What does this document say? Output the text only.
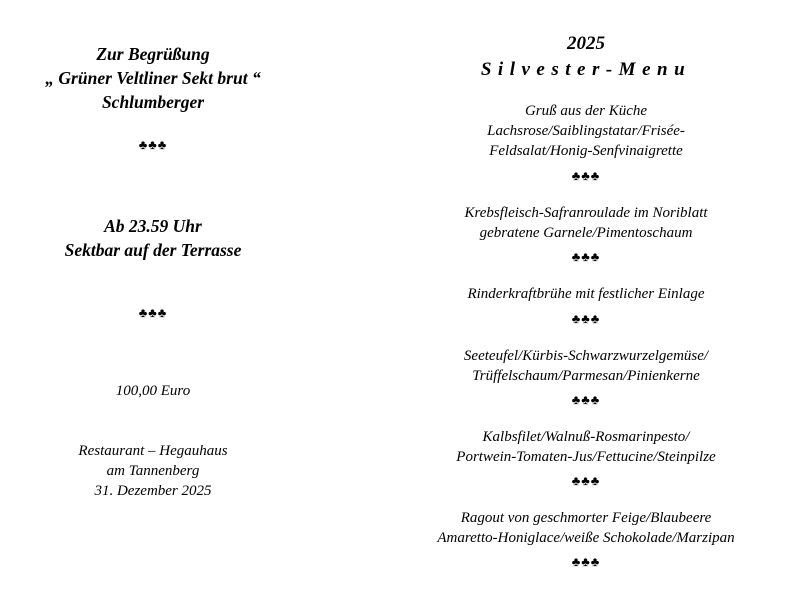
Zur Begrüßung
„ Grüner Veltliner Sekt brut “
Schlumberger
♣♣♣
Ab 23.59 Uhr
Sektbar auf der Terrasse
♣♣♣
100,00 Euro
Restaurant – Hegauhaus
am Tannenberg
31. Dezember 2025
2025
Silvester-Menu
Gruß aus der Küche
Lachsrose/Saiblingstatar/Frisée-
Feldsalat/Honig-Senfvinaigrette
♣♣♣
Krebsfleisch-Safranroulade im Noriblatt
gebratene Garnele/Pimentoschaum
♣♣♣
Rinderkraftbrühe mit festlicher Einlage
♣♣♣
Seeteufel/Kürbis-Schwarzwurzelgemüse/
Trüffelschaum/Parmesan/Pinienkerne
♣♣♣
Kalbsfilet/Walnuß-Rosmarinpesto/
Portwein-Tomaten-Jus/Fettucine/Steinpilze
♣♣♣
Ragout von geschmorter Feige/Blaubeere
Amaretto-Honiglace/weiße Schokolade/Marzipan
♣♣♣
